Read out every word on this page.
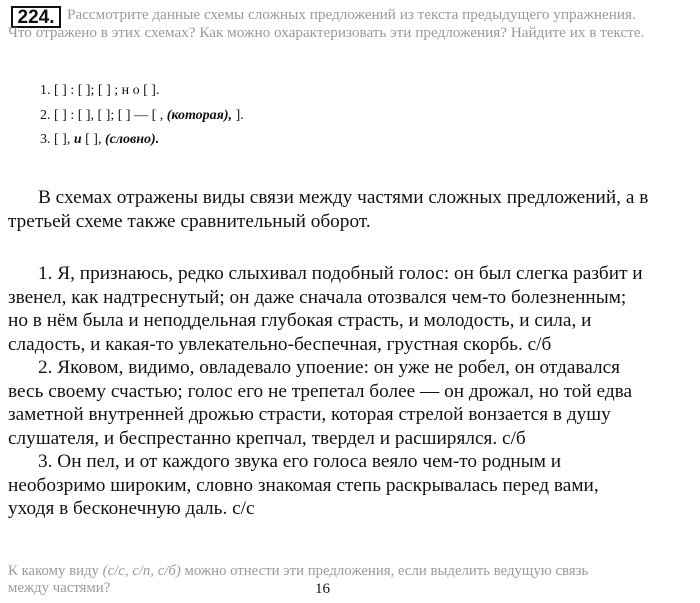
224. Рассмотрите данные схемы сложных предложений из текста предыдущего упражнения.
Что отражено в этих схемах? Как можно охарактеризовать эти предложения? Найдите их в тексте.
1. [ ] : [ ]; [ ] ; н о [ ].
2. [ ] : [ ], [ ]; [ ] — [ , (которая), ].
3. [ ], и [ ], (словно).
В схемах отражены виды связи между частями сложных предложений, а в
третьей схеме также сравнительный оборот.
1. Я, признаюсь, редко слыхивал подобный голос: он был слегка разбит и
звенел, как надтреснутый; он даже сначала отозвался чем-то болезненным;
но в нём была и неподдельная глубокая страсть, и молодость, и сила, и
сладость, и какая-то увлекательно-беспечная, грустная скорбь. с/б
2. Яковом, видимо, овладевало упоение: он уже не робел, он отдавался
весь своему счастью; голос его не трепетал более — он дрожал, но той едва
заметной внутренней дрожью страсти, которая стрелой вонзается в душу
слушателя, и беспрестанно крепчал, твердел и расширялся. с/б
3. Он пел, и от каждого звука его голоса веяло чем-то родным и
необозримо широким, словно знакомая степь раскрывалась перед вами,
уходя в бесконечную даль. с/с
К какому виду (с/с, с/п, с/б) можно отнести эти предложения, если выделить ведущую связь
между частями?	16
